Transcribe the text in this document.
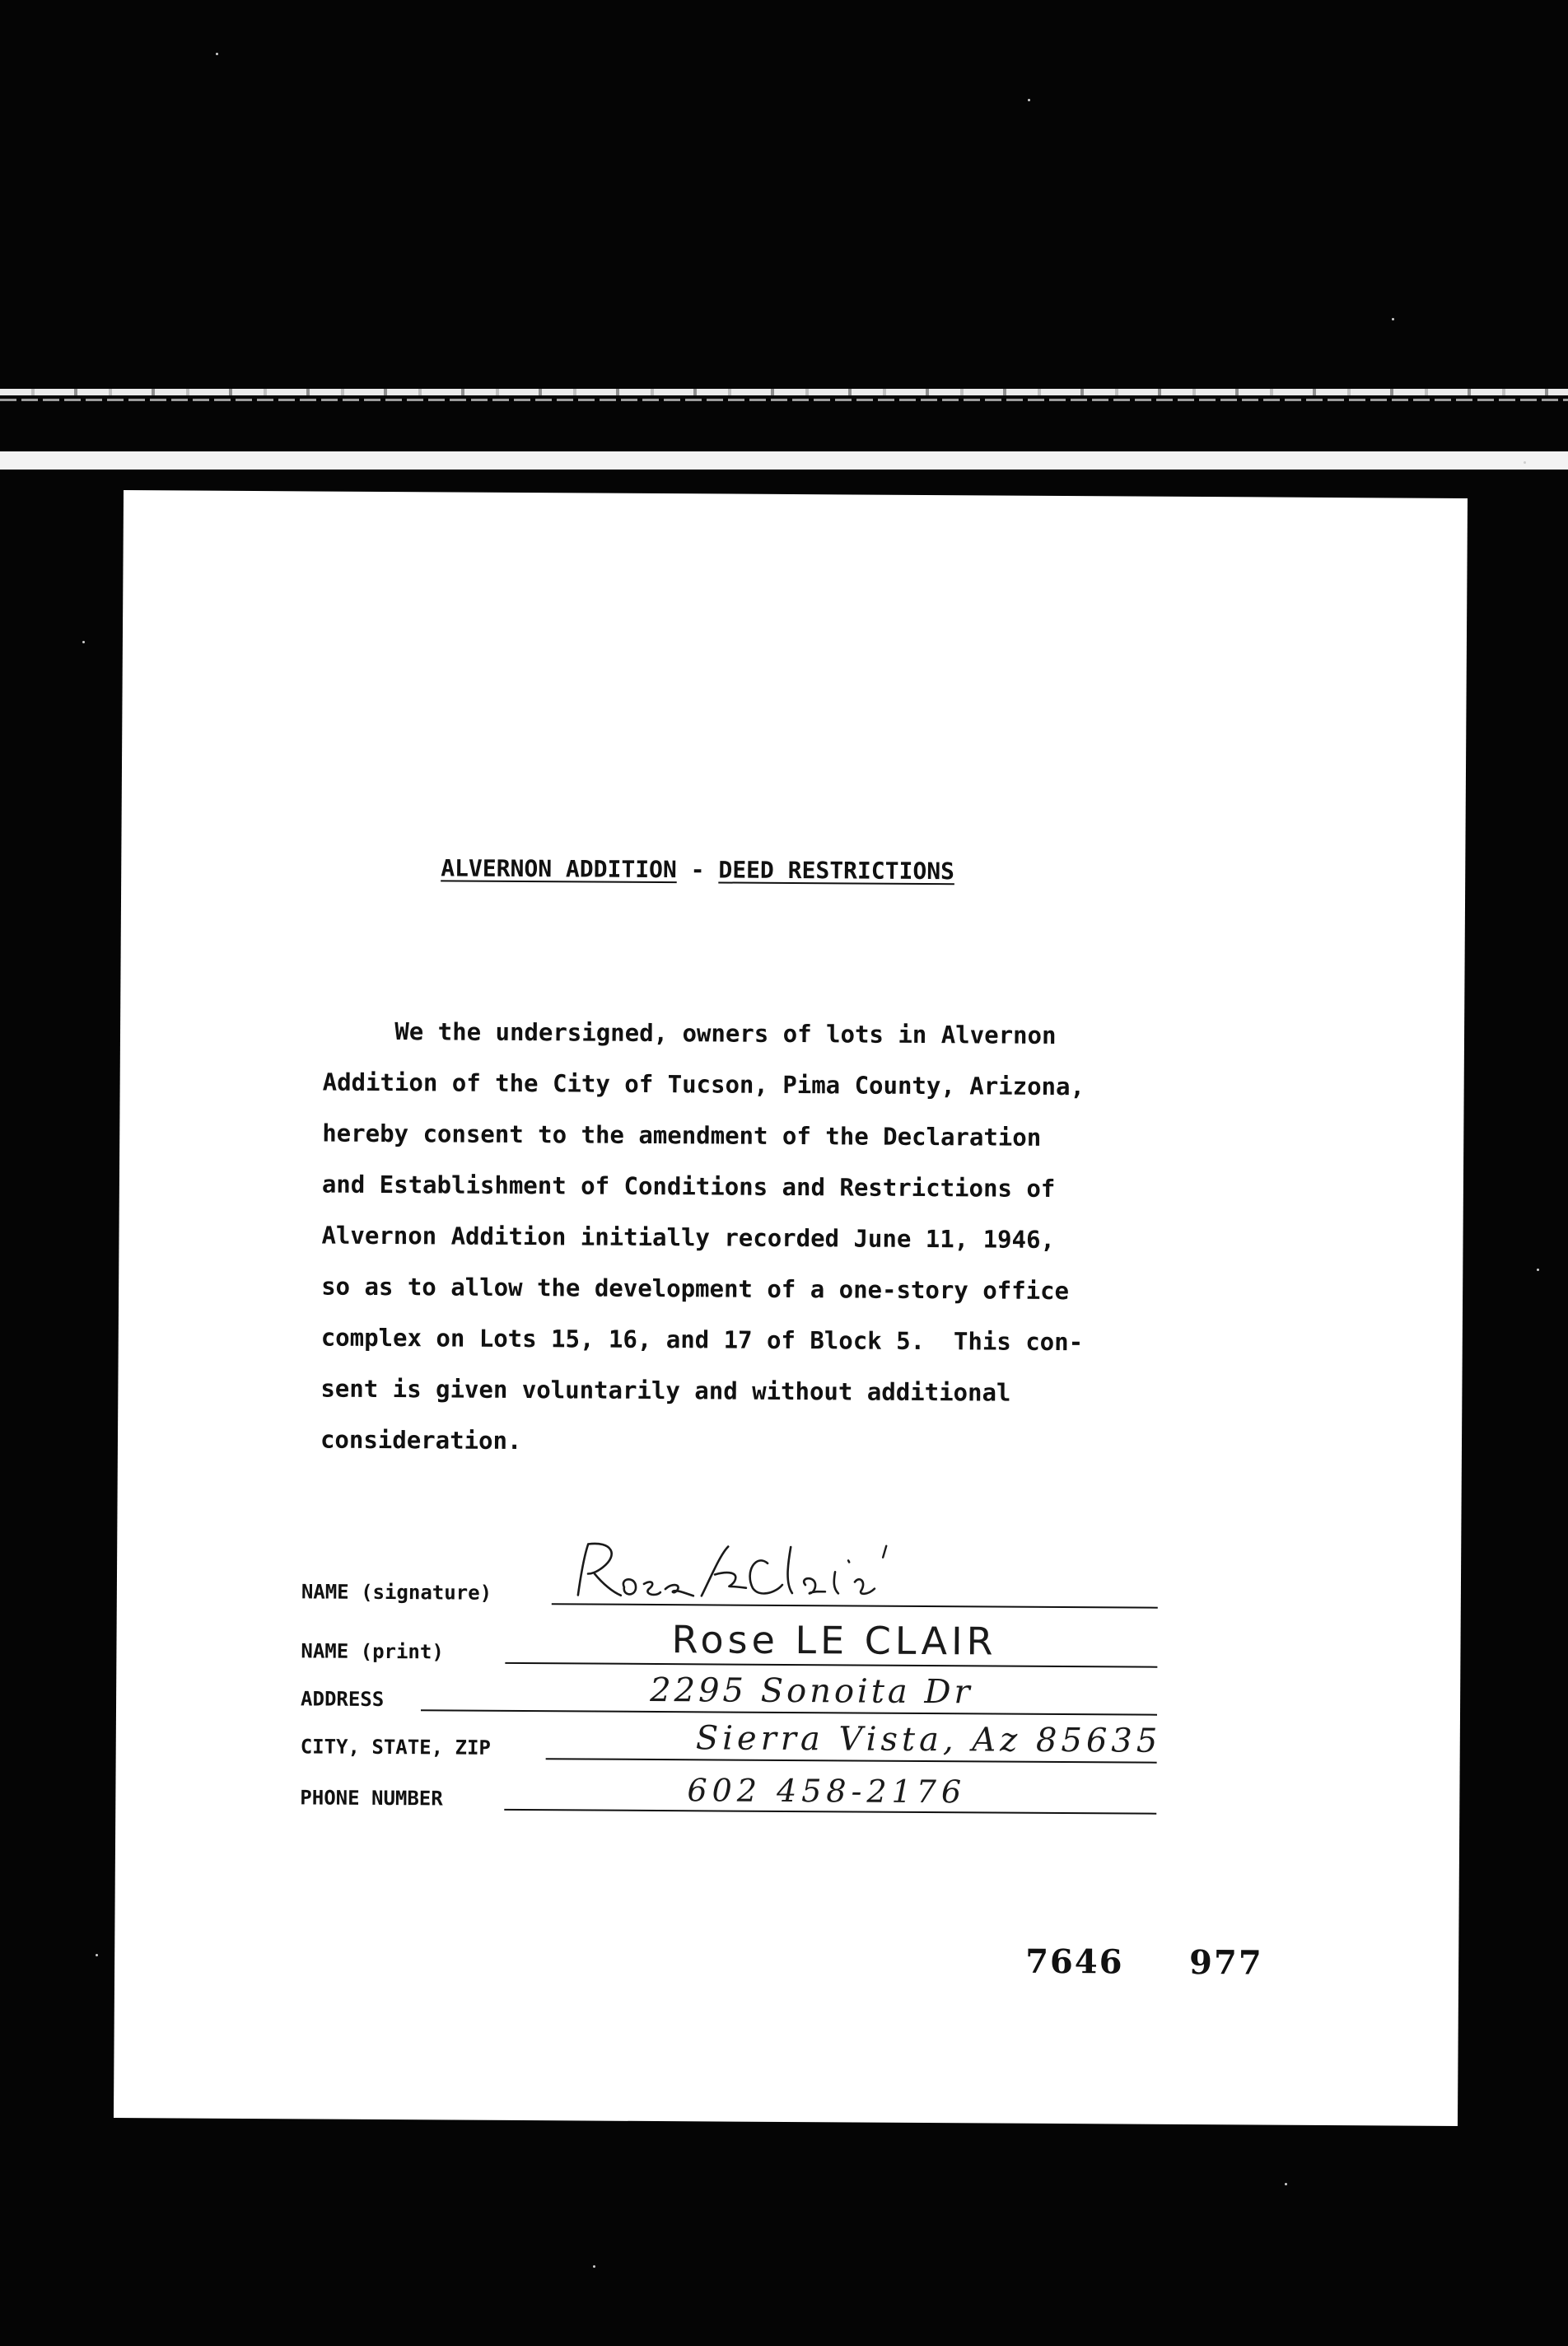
ALVERNON ADDITION - DEED RESTRICTIONS
We the undersigned, owners of lots in Alvernon
Addition of the City of Tucson, Pima County, Arizona,
hereby consent to the amendment of the Declaration
and Establishment of Conditions and Restrictions of
Alvernon Addition initially recorded June 11, 1946,
so as to allow the development of a one-story office
complex on Lots 15, 16, and 17 of Block 5.  This con-
sent is given voluntarily and without additional
consideration.
NAME (signature)
NAME (print)	Rose LE CLAIR
ADDRESS	2295 Sonoita Dr
CITY, STATE, ZIP	Sierra Vista, Az 85635
PHONE NUMBER	602 458-2176
7646     977
